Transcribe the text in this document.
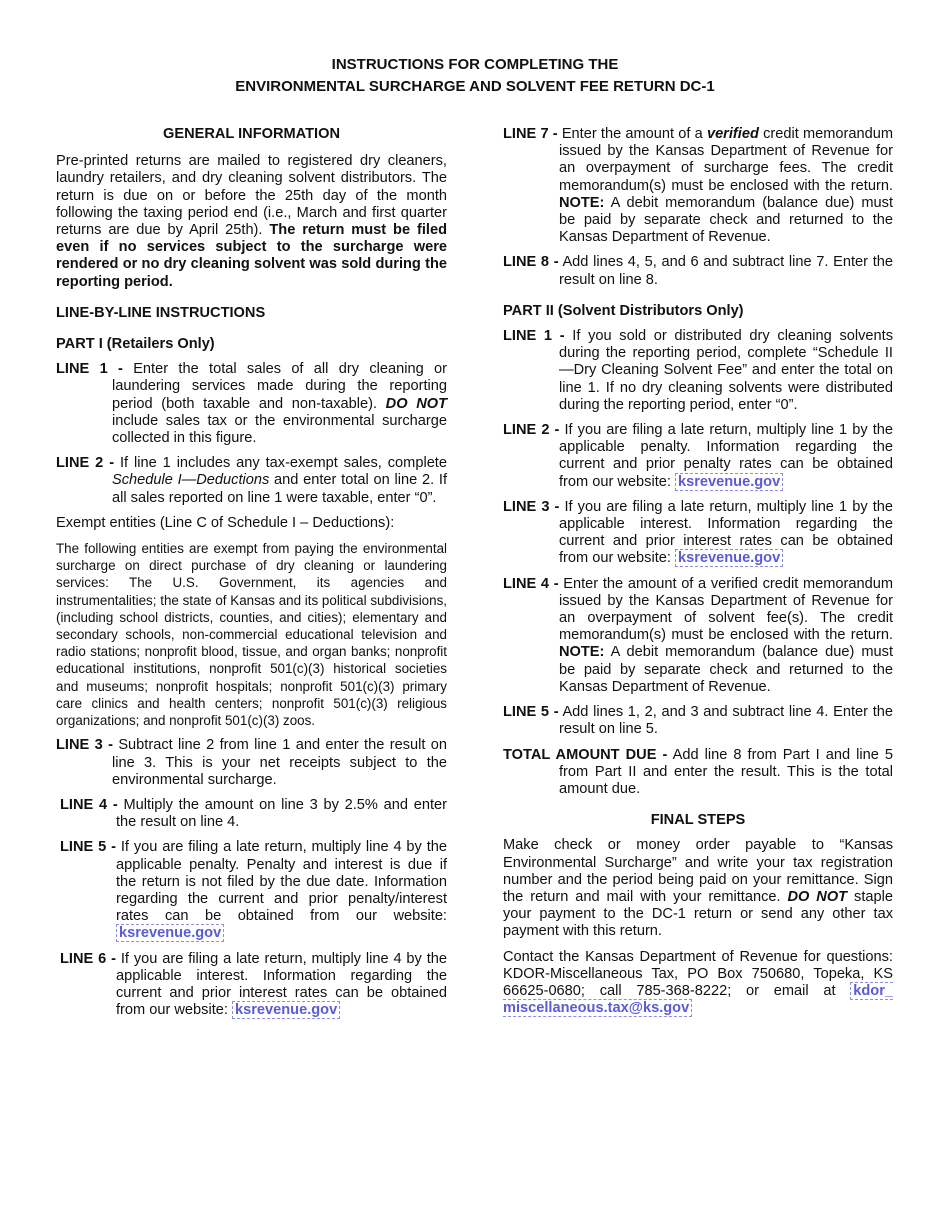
INSTRUCTIONS FOR COMPLETING THE
ENVIRONMENTAL SURCHARGE AND SOLVENT FEE RETURN DC-1
GENERAL INFORMATION
Pre-printed returns are mailed to registered dry cleaners, laundry retailers, and dry cleaning solvent distributors. The return is due on or before the 25th day of the month following the taxing period end (i.e., March and first quarter returns are due by April 25th). The return must be filed even if no services subject to the surcharge were rendered or no dry cleaning solvent was sold during the reporting period.
LINE-BY-LINE INSTRUCTIONS
PART I (Retailers Only)
LINE 1 - Enter the total sales of all dry cleaning or laundering services made during the reporting period (both taxable and non-taxable). DO NOT include sales tax or the environmental surcharge collected in this figure.
LINE 2 - If line 1 includes any tax-exempt sales, complete Schedule I—Deductions and enter total on line 2. If all sales reported on line 1 were taxable, enter “0”.
Exempt entities (Line C of Schedule I – Deductions):
The following entities are exempt from paying the environmental surcharge on direct purchase of dry cleaning or laundering services: The U.S. Government, its agencies and instrumentalities; the state of Kansas and its political subdivisions, (including school districts, counties, and cities); elementary and secondary schools, non-commercial educational television and radio stations; nonprofit blood, tissue, and organ banks; nonprofit educational institutions, nonprofit 501(c)(3) historical societies and museums; nonprofit hospitals; nonprofit 501(c)(3) primary care clinics and health centers; nonprofit 501(c)(3) religious organizations; and nonprofit 501(c)(3) zoos.
LINE 3 - Subtract line 2 from line 1 and enter the result on line 3. This is your net receipts subject to the environmental surcharge.
LINE 4 - Multiply the amount on line 3 by 2.5% and enter the result on line 4.
LINE 5 - If you are filing a late return, multiply line 4 by the applicable penalty. Penalty and interest is due if the return is not filed by the due date. Information regarding the current and prior penalty/interest rates can be obtained from our website: ksrevenue.gov
LINE 6 - If you are filing a late return, multiply line 4 by the applicable interest. Information regarding the current and prior interest rates can be obtained from our website: ksrevenue.gov
LINE 7 - Enter the amount of a verified credit memorandum issued by the Kansas Department of Revenue for an overpayment of surcharge fees. The credit memorandum(s) must be enclosed with the return. NOTE: A debit memorandum (balance due) must be paid by separate check and returned to the Kansas Department of Revenue.
LINE 8 - Add lines 4, 5, and 6 and subtract line 7. Enter the result on line 8.
PART II (Solvent Distributors Only)
LINE 1 - If you sold or distributed dry cleaning solvents during the reporting period, complete “Schedule II—Dry Cleaning Solvent Fee” and enter the total on line 1. If no dry cleaning solvents were distributed during the reporting period, enter “0”.
LINE 2 - If you are filing a late return, multiply line 1 by the applicable penalty. Information regarding the current and prior penalty rates can be obtained from our website: ksrevenue.gov
LINE 3 - If you are filing a late return, multiply line 1 by the applicable interest. Information regarding the current and prior interest rates can be obtained from our website: ksrevenue.gov
LINE 4 - Enter the amount of a verified credit memorandum issued by the Kansas Department of Revenue for an overpayment of solvent fee(s). The credit memorandum(s) must be enclosed with the return. NOTE: A debit memorandum (balance due) must be paid by separate check and returned to the Kansas Department of Revenue.
LINE 5 - Add lines 1, 2, and 3 and subtract line 4. Enter the result on line 5.
TOTAL AMOUNT DUE - Add line 8 from Part I and line 5 from Part II and enter the result. This is the total amount due.
FINAL STEPS
Make check or money order payable to “Kansas Environmental Surcharge” and write your tax registration number and the period being paid on your remittance. Sign the return and mail with your remittance. DO NOT staple your payment to the DC-1 return or send any other tax payment with this return.
Contact the Kansas Department of Revenue for questions: KDOR-Miscellaneous Tax, PO Box 750680, Topeka, KS 66625-0680; call 785-368-8222; or email at kdor_ miscellaneous.tax@ks.gov
